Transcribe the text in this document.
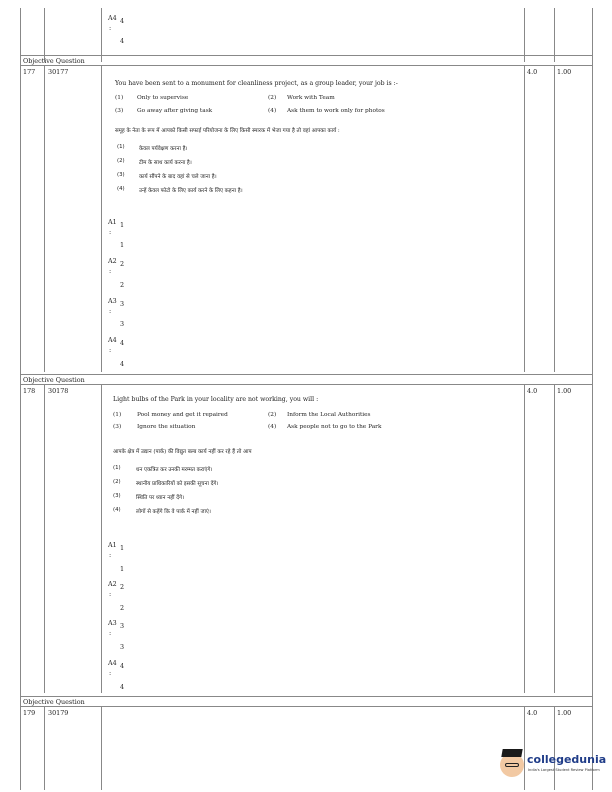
A4 4
:
4
Objective Question
177 30177	4.0	1.00
You have been sent to a monument for cleanliness project, as a group leader, your job is :-
(1) Only to supervise	(2) Work with Team
(3) Go away after giving task	(4) Ask them to work only for photos
समूह के नेता के रूप में आपको किसी सफाई परियोजना के लिए किसी स्मारक में भेजा गया है तो वहां आपका कार्य :
(1)	केवल पर्यवेक्षण करना है।
(2)	टीम के साथ कार्य करना है।
(3)	कार्य सौंपने के बाद वहां से चले जाना है।
(4)	उन्हें केवल फोटो के लिए कार्य करने के लिए कहना है।
A1 1
:
1
A2 2
:
2
A3 3
:
3
A4 4
:
4
Objective Question
178 30178	4.0	1.00
Light bulbs of the Park in your locality are not working, you will :
(1)	Pool money and get it repaired	(2) Inform the Local Authorities
(3)	Ignore the situation	(4) Ask people not to go to the Park
आपके क्षेत्र में उद्यान (पार्क) की विद्युत बल्ब कार्य नहीं कर रहे हैं तो आप
(1)	धन एकत्रित कर उनकी मरम्मत कराएंगे।
(2)	स्थानीय प्राधिकारियों को इसकी सूचना देंगे।
(3)	स्थिति पर ध्यान नहीं देंगे।
(4)	लोगों से कहेंगे कि वे पार्क में नहीं जाएं।
A1 1
:
1
A2 2
:
2
A3 3
:
3
A4 4
:
4
Objective Question
179 30179	4.0	1.00
collegedunia
India's Largest Student Review Platform
